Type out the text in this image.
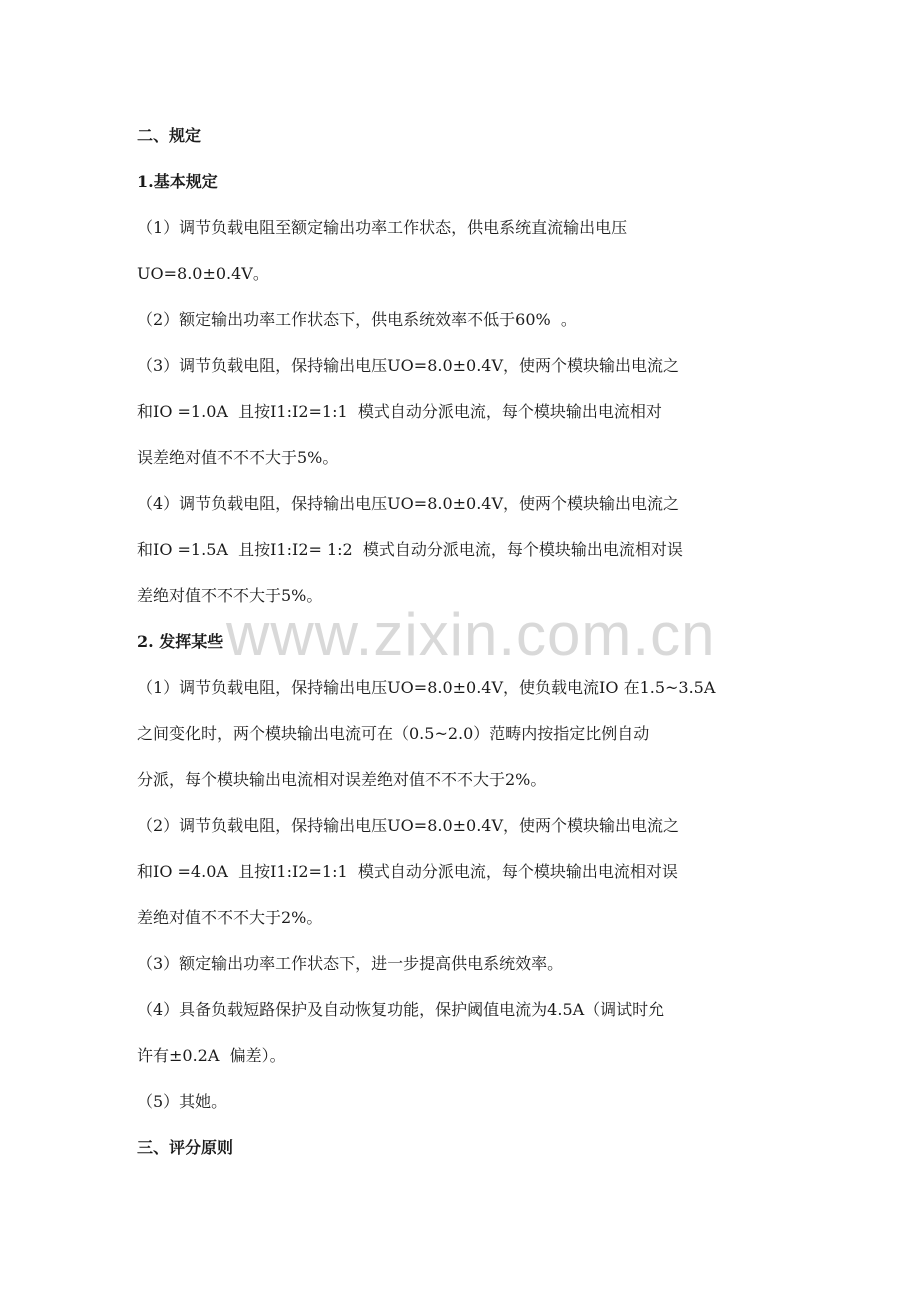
二、规定
1.基本规定
（1）调节负载电阻至额定输出功率工作状态，供电系统直流输出电压
UO=8.0±0.4V。
（2）额定输出功率工作状态下，供电系统效率不低于60%  。
（3）调节负载电阻，保持输出电压UO=8.0±0.4V，使两个模块输出电流之
和IO =1.0A  且按I1:I2=1:1  模式自动分派电流，每个模块输出电流相对
误差绝对值不不不大于5%。
（4）调节负载电阻，保持输出电压UO=8.0±0.4V，使两个模块输出电流之
和IO =1.5A  且按I1:I2= 1:2  模式自动分派电流，每个模块输出电流相对误
差绝对值不不不大于5%。
2. 发挥某些
（1）调节负载电阻，保持输出电压UO=8.0±0.4V，使负载电流IO 在1.5~3.5A
之间变化时，两个模块输出电流可在（0.5~2.0）范畴内按指定比例自动
分派，每个模块输出电流相对误差绝对值不不不大于2%。
（2）调节负载电阻，保持输出电压UO=8.0±0.4V，使两个模块输出电流之
和IO =4.0A  且按I1:I2=1:1  模式自动分派电流，每个模块输出电流相对误
差绝对值不不不大于2%。
（3）额定输出功率工作状态下，进一步提高供电系统效率。
（4）具备负载短路保护及自动恢复功能，保护阈值电流为4.5A（调试时允
许有±0.2A  偏差）。
（5）其她。
三、评分原则
www.zixin.com.cn
